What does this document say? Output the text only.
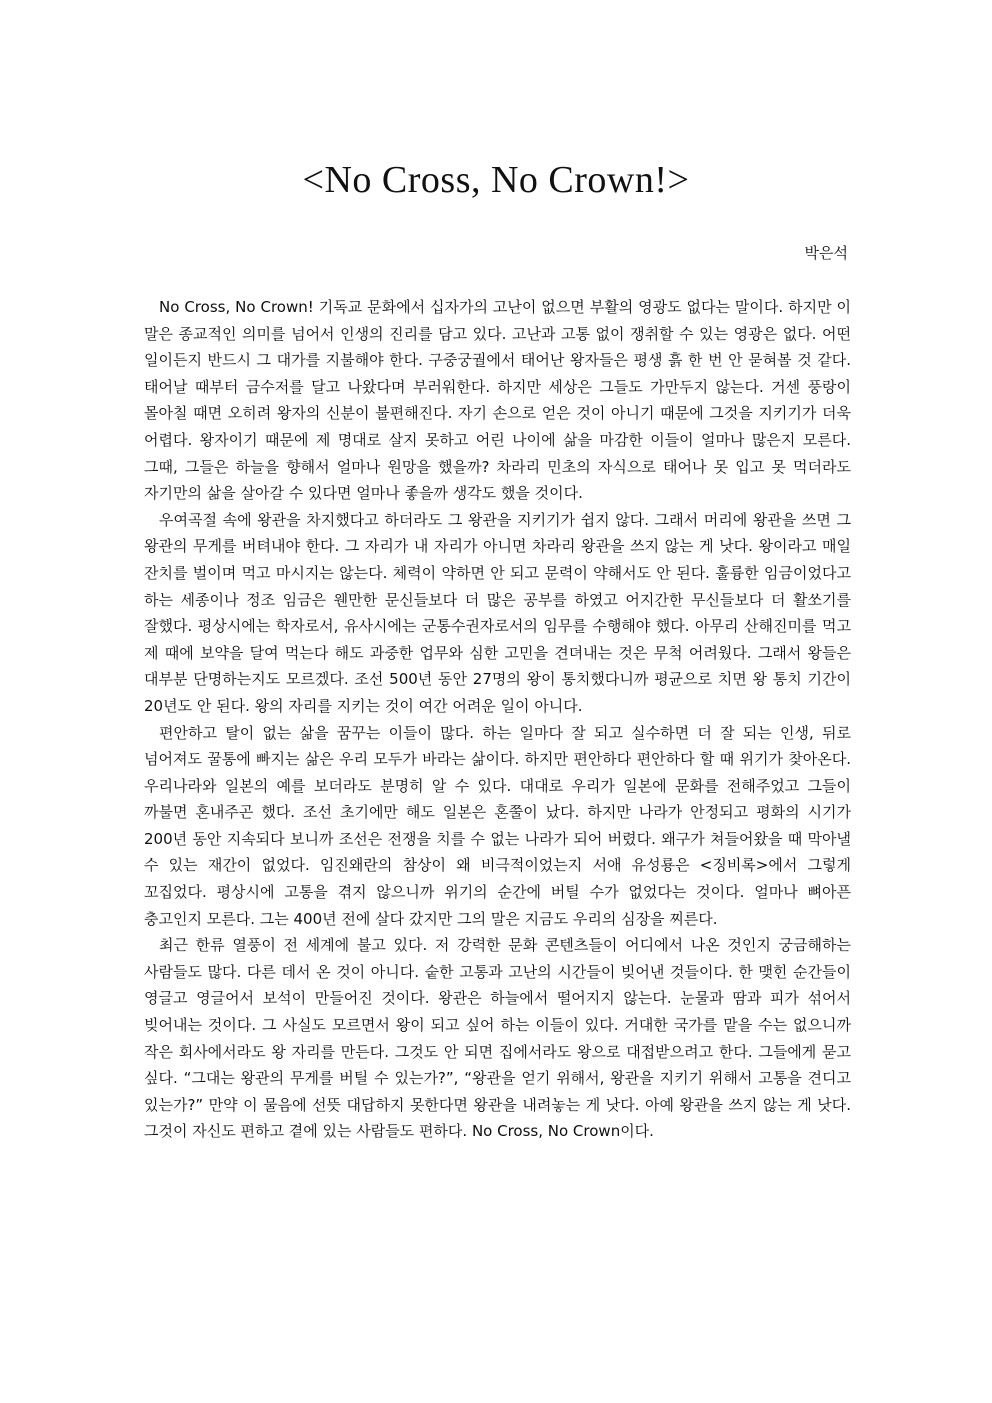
<No Cross, No Crown!>
박은석

No Cross, No Crown! 기독교 문화에서 십자가의 고난이 없으면 부활의 영광도 없다는 말이다. 하지만 이 말은 종교적인 의미를 넘어서 인생의 진리를 담고 있다. 고난과 고통 없이 쟁취할 수 있는 영광은 없다. 어떤 일이든지 반드시 그 대가를 지불해야 한다. 구중궁궐에서 태어난 왕자들은 평생 흙 한 번 안 묻혀볼 것 같다. 태어날 때부터 금수저를 달고 나왔다며 부러워한다. 하지만 세상은 그들도 가만두지 않는다. 거센 풍랑이 몰아칠 때면 오히려 왕자의 신분이 불편해진다. 자기 손으로 얻은 것이 아니기 때문에 그것을 지키기가 더욱 어렵다. 왕자이기 때문에 제 명대로 살지 못하고 어린 나이에 삶을 마감한 이들이 얼마나 많은지 모른다. 그때, 그들은 하늘을 향해서 얼마나 원망을 했을까? 차라리 민초의 자식으로 태어나 못 입고 못 먹더라도 자기만의 삶을 살아갈 수 있다면 얼마나 좋을까 생각도 했을 것이다.

우여곡절 속에 왕관을 차지했다고 하더라도 그 왕관을 지키기가 쉽지 않다. 그래서 머리에 왕관을 쓰면 그 왕관의 무게를 버텨내야 한다. 그 자리가 내 자리가 아니면 차라리 왕관을 쓰지 않는 게 낫다. 왕이라고 매일 잔치를 벌이며 먹고 마시지는 않는다. 체력이 약하면 안 되고 문력이 약해서도 안 된다. 훌륭한 임금이었다고 하는 세종이나 정조 임금은 웬만한 문신들보다 더 많은 공부를 하였고 어지간한 무신들보다 더 활쏘기를 잘했다. 평상시에는 학자로서, 유사시에는 군통수권자로서의 임무를 수행해야 했다. 아무리 산해진미를 먹고 제 때에 보약을 달여 먹는다 해도 과중한 업무와 심한 고민을 견뎌내는 것은 무척 어려웠다. 그래서 왕들은 대부분 단명하는지도 모르겠다. 조선 500년 동안 27명의 왕이 통치했다니까 평균으로 치면 왕 통치 기간이 20년도 안 된다. 왕의 자리를 지키는 것이 여간 어려운 일이 아니다.

편안하고 탈이 없는 삶을 꿈꾸는 이들이 많다. 하는 일마다 잘 되고 실수하면 더 잘 되는 인생, 뒤로 넘어져도 꿀통에 빠지는 삶은 우리 모두가 바라는 삶이다. 하지만 편안하다 편안하다 할 때 위기가 찾아온다. 우리나라와 일본의 예를 보더라도 분명히 알 수 있다. 대대로 우리가 일본에 문화를 전해주었고 그들이 까불면 혼내주곤 했다. 조선 초기에만 해도 일본은 혼쭐이 났다. 하지만 나라가 안정되고 평화의 시기가 200년 동안 지속되다 보니까 조선은 전쟁을 치를 수 없는 나라가 되어 버렸다. 왜구가 쳐들어왔을 때 막아낼 수 있는 재간이 없었다. 임진왜란의 참상이 왜 비극적이었는지 서애 유성룡은 <징비록>에서 그렇게 꼬집었다. 평상시에 고통을 겪지 않으니까 위기의 순간에 버틸 수가 없었다는 것이다. 얼마나 뼈아픈 충고인지 모른다. 그는 400년 전에 살다 갔지만 그의 말은 지금도 우리의 심장을 찌른다.

최근 한류 열풍이 전 세계에 불고 있다. 저 강력한 문화 콘텐츠들이 어디에서 나온 것인지 궁금해하는 사람들도 많다. 다른 데서 온 것이 아니다. 숱한 고통과 고난의 시간들이 빚어낸 것들이다. 한 맺힌 순간들이 영글고 영글어서 보석이 만들어진 것이다. 왕관은 하늘에서 떨어지지 않는다. 눈물과 땀과 피가 섞어서 빚어내는 것이다. 그 사실도 모르면서 왕이 되고 싶어 하는 이들이 있다. 거대한 국가를 맡을 수는 없으니까 작은 회사에서라도 왕 자리를 만든다. 그것도 안 되면 집에서라도 왕으로 대접받으려고 한다. 그들에게 묻고 싶다. “그대는 왕관의 무게를 버틸 수 있는가?”, “왕관을 얻기 위해서, 왕관을 지키기 위해서 고통을 견디고 있는가?” 만약 이 물음에 선뜻 대답하지 못한다면 왕관을 내려놓는 게 낫다. 아예 왕관을 쓰지 않는 게 낫다. 그것이 자신도 편하고 곁에 있는 사람들도 편하다. No Cross, No Crown이다.
